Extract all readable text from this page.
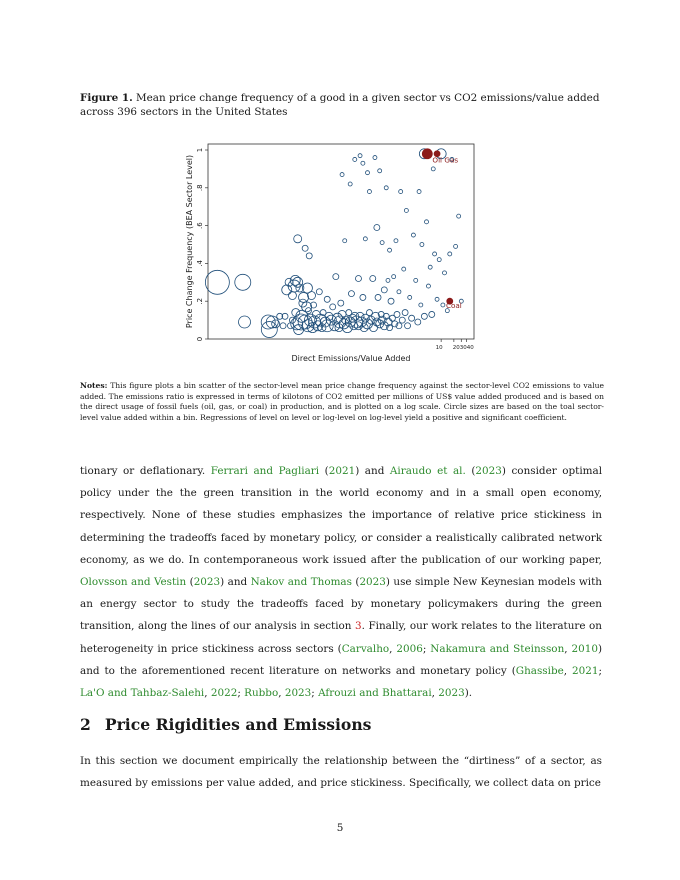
Figure 1. Mean price change frequency of a good in a given sector vs CO2 emissions/value added across 396 sectors in the United States
0
.2
.4
.6
.8
1
10 203040
Direct Emissions/Value Added
Price Change Frequency (BEA Sector Level)	Oil Gas
Coal
Notes: This figure plots a bin scatter of the sector-level mean price change frequency against the sector-level CO2 emissions to value added. The emissions ratio is expressed in terms of kilotons of CO2 emitted per millions of US$ value added produced and is based on the direct usage of fossil fuels (oil, gas, or coal) in production, and is plotted on a log scale. Circle sizes are based on the toal sector-level value added within a bin. Regressions of level on level or log-level on log-level yield a positive and significant coefficient.
tionary or deflationary. Ferrari and Pagliari (2021) and Airaudo et al. (2023) consider optimal policy under the the green transition in the world economy and in a small open economy, respectively. None of these studies emphasizes the importance of relative price stickiness in determining the tradeoffs faced by monetary policy, or consider a realistically calibrated network economy, as we do. In contemporaneous work issued after the publication of our working paper, Olovsson and Vestin (2023) and Nakov and Thomas (2023) use simple New Keynesian models with an energy sector to study the tradeoffs faced by monetary policymakers during the green transition, along the lines of our analysis in section 3. Finally, our work relates to the literature on heterogeneity in price stickiness across sectors (Carvalho, 2006; Nakamura and Steinsson, 2010) and to the aforementioned recent literature on networks and monetary policy (Ghassibe, 2021; La'O and Tahbaz-Salehi, 2022; Rubbo, 2023; Afrouzi and Bhattarai, 2023).
2 Price Rigidities and Emissions
In this section we document empirically the relationship between the “dirtiness” of a sector, as measured by emissions per value added, and price stickiness. Specifically, we collect data on price
5
